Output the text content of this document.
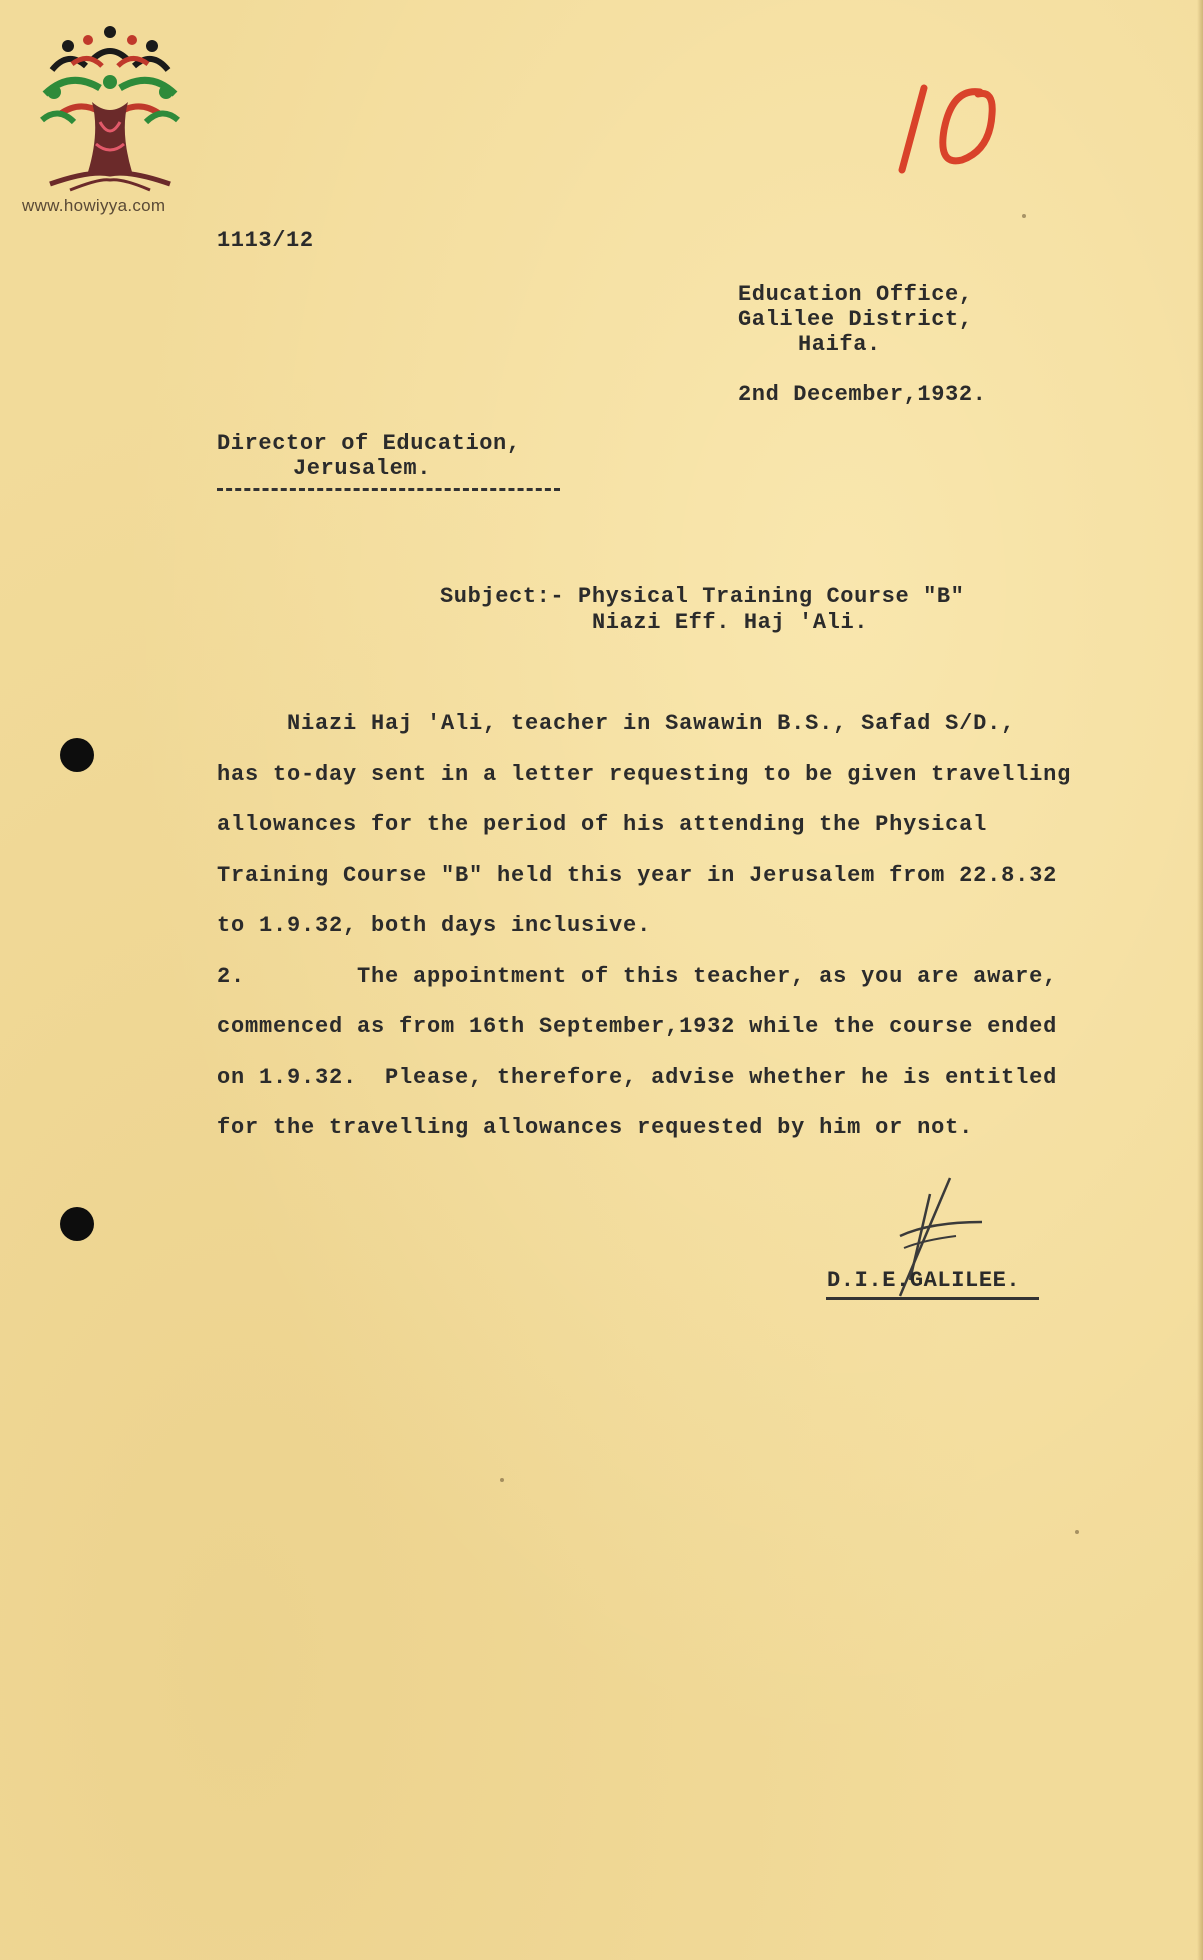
www.howiyya.com
10
1113/12
Education Office,
Galilee District,
Haifa.
2nd December,1932.
Director of Education,
Jerusalem.
Subject:- Physical Training Course "B"
Niazi Eff. Haj 'Ali.
Niazi Haj 'Ali, teacher in Sawawin B.S., Safad S/D.,
has to-day sent in a letter requesting to be given travelling
allowances for the period of his attending the Physical
Training Course "B" held this year in Jerusalem from 22.8.32
to 1.9.32, both days inclusive.
2.        The appointment of this teacher, as you are aware,
commenced as from 16th September,1932 while the course ended
on 1.9.32.  Please, therefore, advise whether he is entitled
for the travelling allowances requested by him or not.
D.I.E.GALILEE.
